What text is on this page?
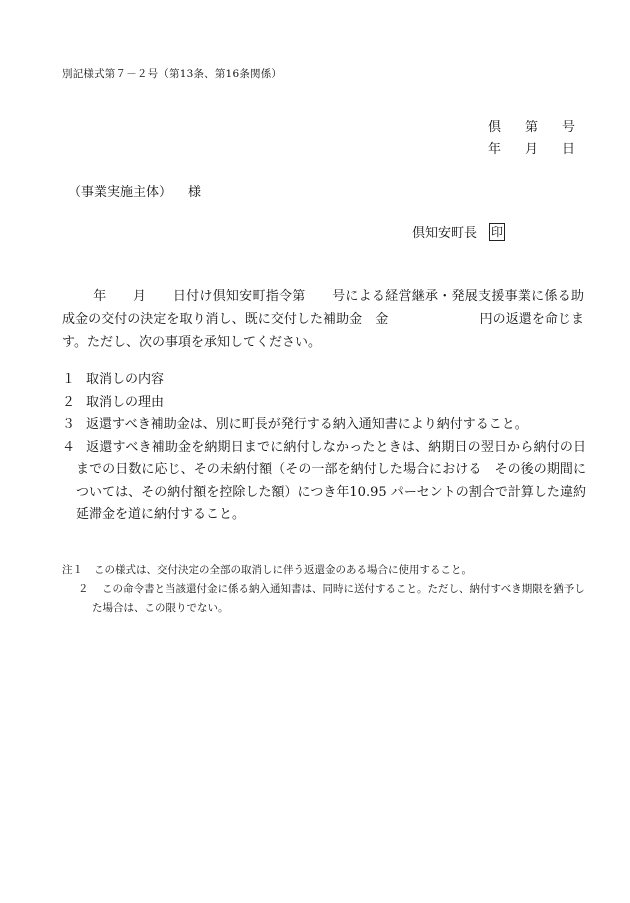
別記様式第７－２号（第13条、第16条関係）
倶 第 号
年 月 日
（事業実施主体） 様
倶知安町長 印

年　　月　　日付け倶知安町指令第　　号による経営継承・発展支援事業に係る助成金の交付の決定を取り消し、既に交付した補助金　金　　　　　　　円の返還を命じます。ただし、次の事項を承知してください。

１ 取消しの内容
２ 取消しの理由
３ 返還すべき補助金は、別に町長が発行する納入通知書により納付すること。
４ 返還すべき補助金を納期日までに納付しなかったときは、納期日の翌日から納付の日までの日数に応じ、その未納付額（その一部を納付した場合における　その後の期間については、その納付額を控除した額）につき年10.95 パーセントの割合で計算した違約延滞金を道に納付すること。
注１ この様式は、交付決定の全部の取消しに伴う返還金のある場合に使用すること。
２ この命令書と当該還付金に係る納入通知書は、同時に送付すること。ただし、納付すべき期限を猶予した場合は、この限りでない。
